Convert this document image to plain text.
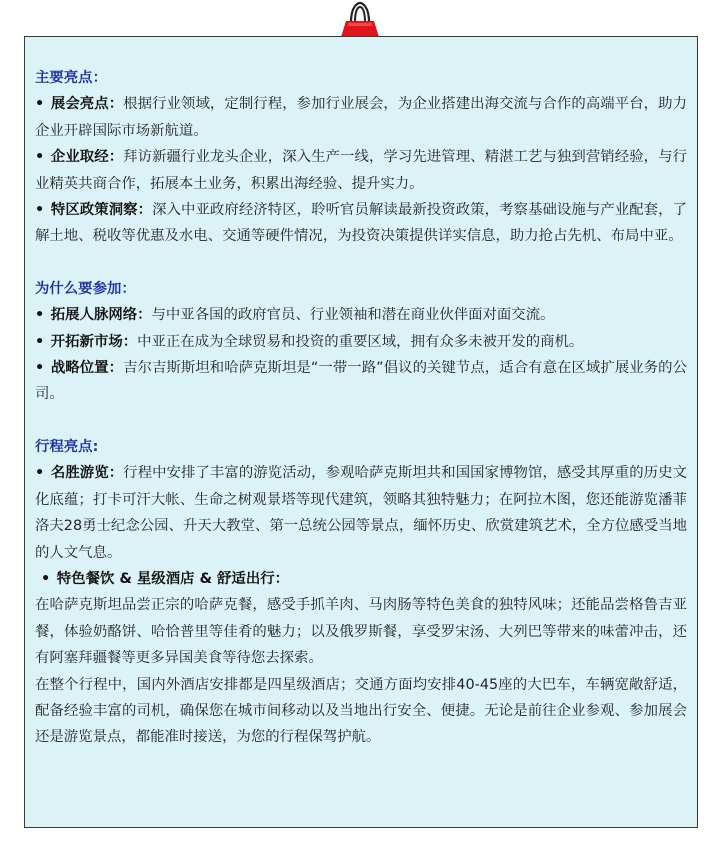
主要亮点：

• 展会亮点：根据行业领域，定制行程，参加行业展会，为企业搭建出海交流与合作的高端平台，助力企业开辟国际市场新航道。

• 企业取经：拜访新疆行业龙头企业，深入生产一线，学习先进管理、精湛工艺与独到营销经验，与行业精英共商合作，拓展本土业务，积累出海经验、提升实力。

• 特区政策洞察：深入中亚政府经济特区，聆听官员解读最新投资政策，考察基础设施与产业配套，了解土地、税收等优惠及水电、交通等硬件情况，为投资决策提供详实信息，助力抢占先机、布局中亚。

为什么要参加：

• 拓展人脉网络：与中亚各国的政府官员、行业领袖和潜在商业伙伴面对面交流。

• 开拓新市场：中亚正在成为全球贸易和投资的重要区域，拥有众多未被开发的商机。

• 战略位置：吉尔吉斯斯坦和哈萨克斯坦是“一带一路”倡议的关键节点，适合有意在区域扩展业务的公司。

行程亮点:

• 名胜游览：行程中安排了丰富的游览活动，参观哈萨克斯坦共和国国家博物馆，感受其厚重的历史文化底蕴；打卡可汗大帐、生命之树观景塔等现代建筑，领略其独特魅力；在阿拉木图，您还能游览潘菲洛夫28勇士纪念公园、升天大教堂、第一总统公园等景点，缅怀历史、欣赏建筑艺术，全方位感受当地的人文气息。

• 特色餐饮 & 星级酒店 & 舒适出行：

在哈萨克斯坦品尝正宗的哈萨克餐，感受手抓羊肉、马肉肠等特色美食的独特风味；还能品尝格鲁吉亚餐，体验奶酪饼、哈恰普里等佳肴的魅力；以及俄罗斯餐，享受罗宋汤、大列巴等带来的味蕾冲击，还有阿塞拜疆餐等更多异国美食等待您去探索。

在整个行程中，国内外酒店安排都是四星级酒店；交通方面均安排40-45座的大巴车，车辆宽敞舒适，配备经验丰富的司机，确保您在城市间移动以及当地出行安全、便捷。无论是前往企业参观、参加展会还是游览景点，都能准时接送，为您的行程保驾护航。
